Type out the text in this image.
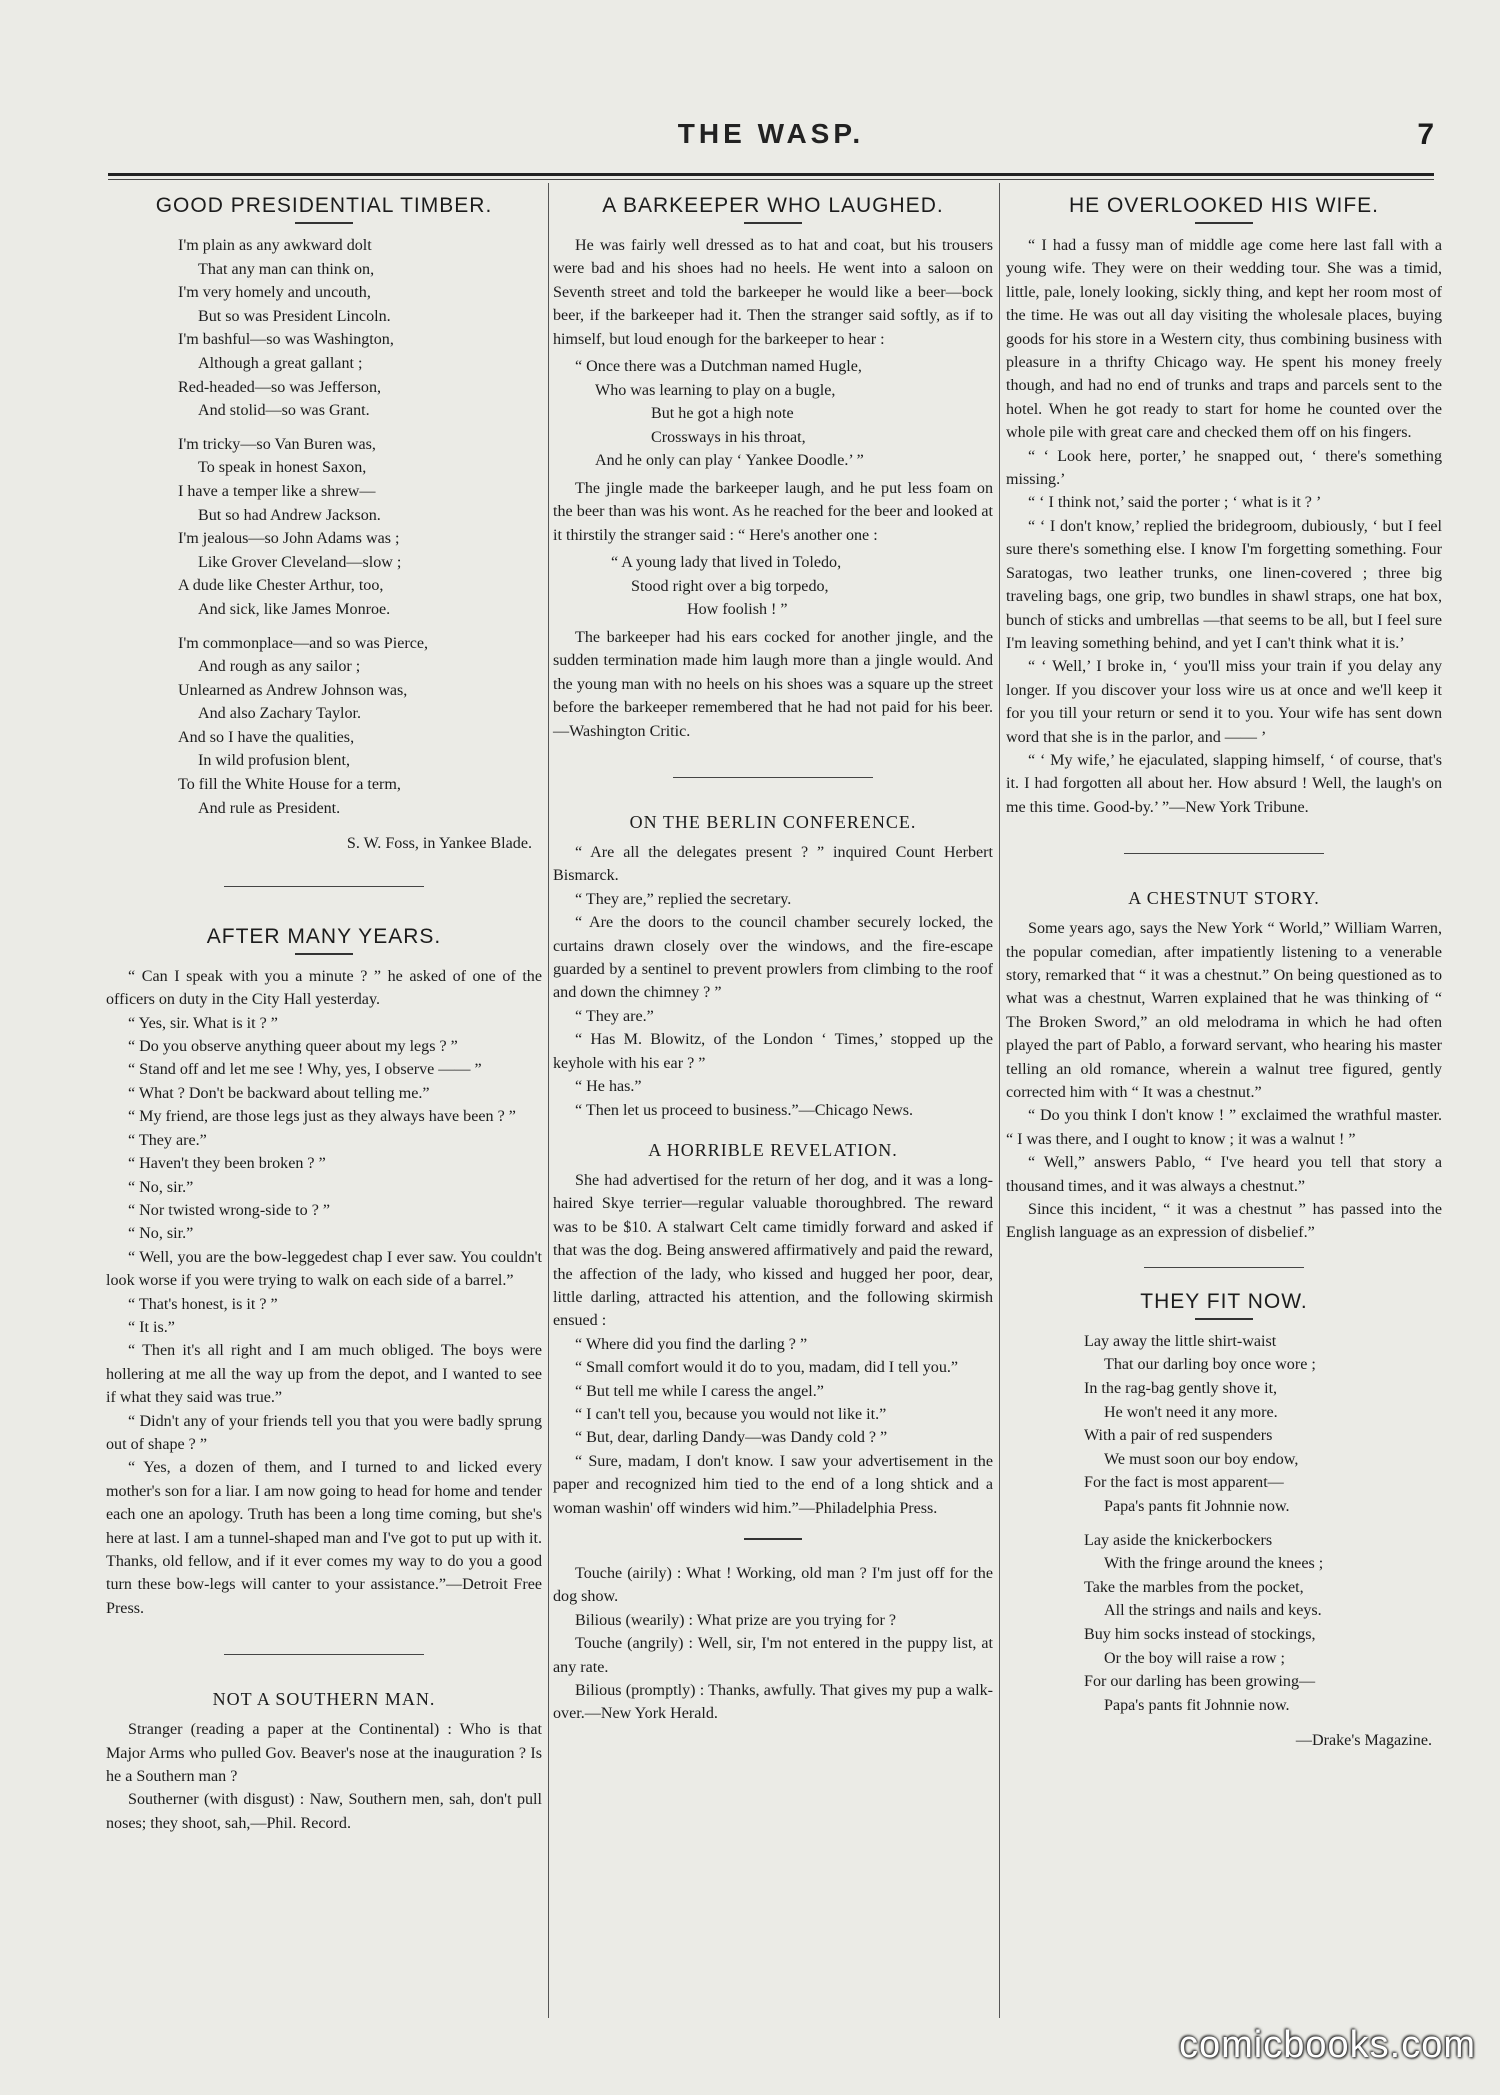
THE WASP.	7
GOOD PRESIDENTIAL TIMBER.
I'm plain as any awkward dolt
That any man can think on,
I'm very homely and uncouth,
But so was President Lincoln.
I'm bashful—so was Washington,
Although a great gallant ;
Red-headed—so was Jefferson,
And stolid—so was Grant.
I'm tricky—so Van Buren was,
To speak in honest Saxon,
I have a temper like a shrew—
But so had Andrew Jackson.
I'm jealous—so John Adams was ;
Like Grover Cleveland—slow ;
A dude like Chester Arthur, too,
And sick, like James Monroe.
I'm commonplace—and so was Pierce,
And rough as any sailor ;
Unlearned as Andrew Johnson was,
And also Zachary Taylor.
And so I have the qualities,
In wild profusion blent,
To fill the White House for a term,
And rule as President.
S. W. Foss, in Yankee Blade.
AFTER MANY YEARS.

“ Can I speak with you a minute ? ” he asked of one of the officers on duty in the City Hall yesterday.

“ Yes, sir. What is it ? ”

“ Do you observe anything queer about my legs ? ”

“ Stand off and let me see ! Why, yes, I observe —— ”

“ What ? Don't be backward about telling me.”

“ My friend, are those legs just as they always have been ? ”

“ They are.”

“ Haven't they been broken ? ”

“ No, sir.”

“ Nor twisted wrong-side to ? ”

“ No, sir.”

“ Well, you are the bow-leggedest chap I ever saw. You couldn't look worse if you were trying to walk on each side of a barrel.”

“ That's honest, is it ? ”

“ It is.”

“ Then it's all right and I am much obliged. The boys were hollering at me all the way up from the depot, and I wanted to see if what they said was true.”

“ Didn't any of your friends tell you that you were badly sprung out of shape ? ”

“ Yes, a dozen of them, and I turned to and licked every mother's son for a liar. I am now going to head for home and tender each one an apology. Truth has been a long time coming, but she's here at last. I am a tunnel-shaped man and I've got to put up with it. Thanks, old fellow, and if it ever comes my way to do you a good turn these bow-legs will canter to your assistance.”—Detroit Free Press.

NOT A SOUTHERN MAN.

Stranger (reading a paper at the Continental) : Who is that Major Arms who pulled Gov. Beaver's nose at the inauguration ? Is he a Southern man ?

Southerner (with disgust) : Naw, Southern men, sah, don't pull noses; they shoot, sah,—Phil. Record.

A BARKEEPER WHO LAUGHED.

He was fairly well dressed as to hat and coat, but his trousers were bad and his shoes had no heels. He went into a saloon on Seventh street and told the barkeeper he would like a beer—bock beer, if the barkeeper had it. Then the stranger said softly, as if to himself, but loud enough for the barkeeper to hear :

“ Once there was a Dutchman named Hugle,
Who was learning to play on a bugle,
But he got a high note
Crossways in his throat,
And he only can play ‘ Yankee Doodle.’ ”

The jingle made the barkeeper laugh, and he put less foam on the beer than was his wont. As he reached for the beer and looked at it thirstily the stranger said : “ Here's another one :

“ A young lady that lived in Toledo,
Stood right over a big torpedo,
How foolish ! ”

The barkeeper had his ears cocked for another jingle, and the sudden termination made him laugh more than a jingle would. And the young man with no heels on his shoes was a square up the street before the barkeeper remembered that he had not paid for his beer.—Washington Critic.

ON THE BERLIN CONFERENCE.

“ Are all the delegates present ? ” inquired Count Herbert Bismarck.

“ They are,” replied the secretary.

“ Are the doors to the council chamber securely locked, the curtains drawn closely over the windows, and the fire-escape guarded by a sentinel to prevent prowlers from climbing to the roof and down the chimney ? ”

“ They are.”

“ Has M. Blowitz, of the London ‘ Times,’ stopped up the keyhole with his ear ? ”

“ He has.”

“ Then let us proceed to business.”—Chicago News.

A HORRIBLE REVELATION.

She had advertised for the return of her dog, and it was a long-haired Skye terrier—regular valuable thoroughbred. The reward was to be $10. A stalwart Celt came timidly forward and asked if that was the dog. Being answered affirmatively and paid the reward, the affection of the lady, who kissed and hugged her poor, dear, little darling, attracted his attention, and the following skirmish ensued :

“ Where did you find the darling ? ”

“ Small comfort would it do to you, madam, did I tell you.”

“ But tell me while I caress the angel.”

“ I can't tell you, because you would not like it.”

“ But, dear, darling Dandy—was Dandy cold ? ”

“ Sure, madam, I don't know. I saw your advertisement in the paper and recognized him tied to the end of a long shtick and a woman washin' off winders wid him.”—Philadelphia Press.

Touche (airily) : What ! Working, old man ? I'm just off for the dog show.

Bilious (wearily) : What prize are you trying for ?

Touche (angrily) : Well, sir, I'm not entered in the puppy list, at any rate.

Bilious (promptly) : Thanks, awfully. That gives my pup a walk-over.—New York Herald.

HE OVERLOOKED HIS WIFE.

“ I had a fussy man of middle age come here last fall with a young wife. They were on their wedding tour. She was a timid, little, pale, lonely looking, sickly thing, and kept her room most of the time. He was out all day visiting the wholesale places, buying goods for his store in a Western city, thus combining business with pleasure in a thrifty Chicago way. He spent his money freely though, and had no end of trunks and traps and parcels sent to the hotel. When he got ready to start for home he counted over the whole pile with great care and checked them off on his fingers.

“ ‘ Look here, porter,’ he snapped out, ‘ there's something missing.’

“ ‘ I think not,’ said the porter ; ‘ what is it ? ’

“ ‘ I don't know,’ replied the bridegroom, dubiously, ‘ but I feel sure there's something else. I know I'm forgetting something. Four Saratogas, two leather trunks, one linen-covered ; three big traveling bags, one grip, two bundles in shawl straps, one hat box, bunch of sticks and umbrellas —that seems to be all, but I feel sure I'm leaving something behind, and yet I can't think what it is.’

“ ‘ Well,’ I broke in, ‘ you'll miss your train if you delay any longer. If you discover your loss wire us at once and we'll keep it for you till your return or send it to you. Your wife has sent down word that she is in the parlor, and —— ’

“ ‘ My wife,’ he ejaculated, slapping himself, ‘ of course, that's it. I had forgotten all about her. How absurd ! Well, the laugh's on me this time. Good-by.’ ”—New York Tribune.

A CHESTNUT STORY.

Some years ago, says the New York “ World,” William Warren, the popular comedian, after impatiently listening to a venerable story, remarked that “ it was a chestnut.” On being questioned as to what was a chestnut, Warren explained that he was thinking of “ The Broken Sword,” an old melodrama in which he had often played the part of Pablo, a forward servant, who hearing his master telling an old romance, wherein a walnut tree figured, gently corrected him with “ It was a chestnut.”

“ Do you think I don't know ! ” exclaimed the wrathful master. “ I was there, and I ought to know ; it was a walnut ! ”

“ Well,” answers Pablo, “ I've heard you tell that story a thousand times, and it was always a chestnut.”

Since this incident, “ it was a chestnut ” has passed into the English language as an expression of disbelief.”

THEY FIT NOW.
Lay away the little shirt-waist
That our darling boy once wore ;
In the rag-bag gently shove it,
He won't need it any more.
With a pair of red suspenders
We must soon our boy endow,
For the fact is most apparent—
Papa's pants fit Johnnie now.
Lay aside the knickerbockers
With the fringe around the knees ;
Take the marbles from the pocket,
All the strings and nails and keys.
Buy him socks instead of stockings,
Or the boy will raise a row ;
For our darling has been growing—
Papa's pants fit Johnnie now.
—Drake's Magazine.
comicbooks.com
